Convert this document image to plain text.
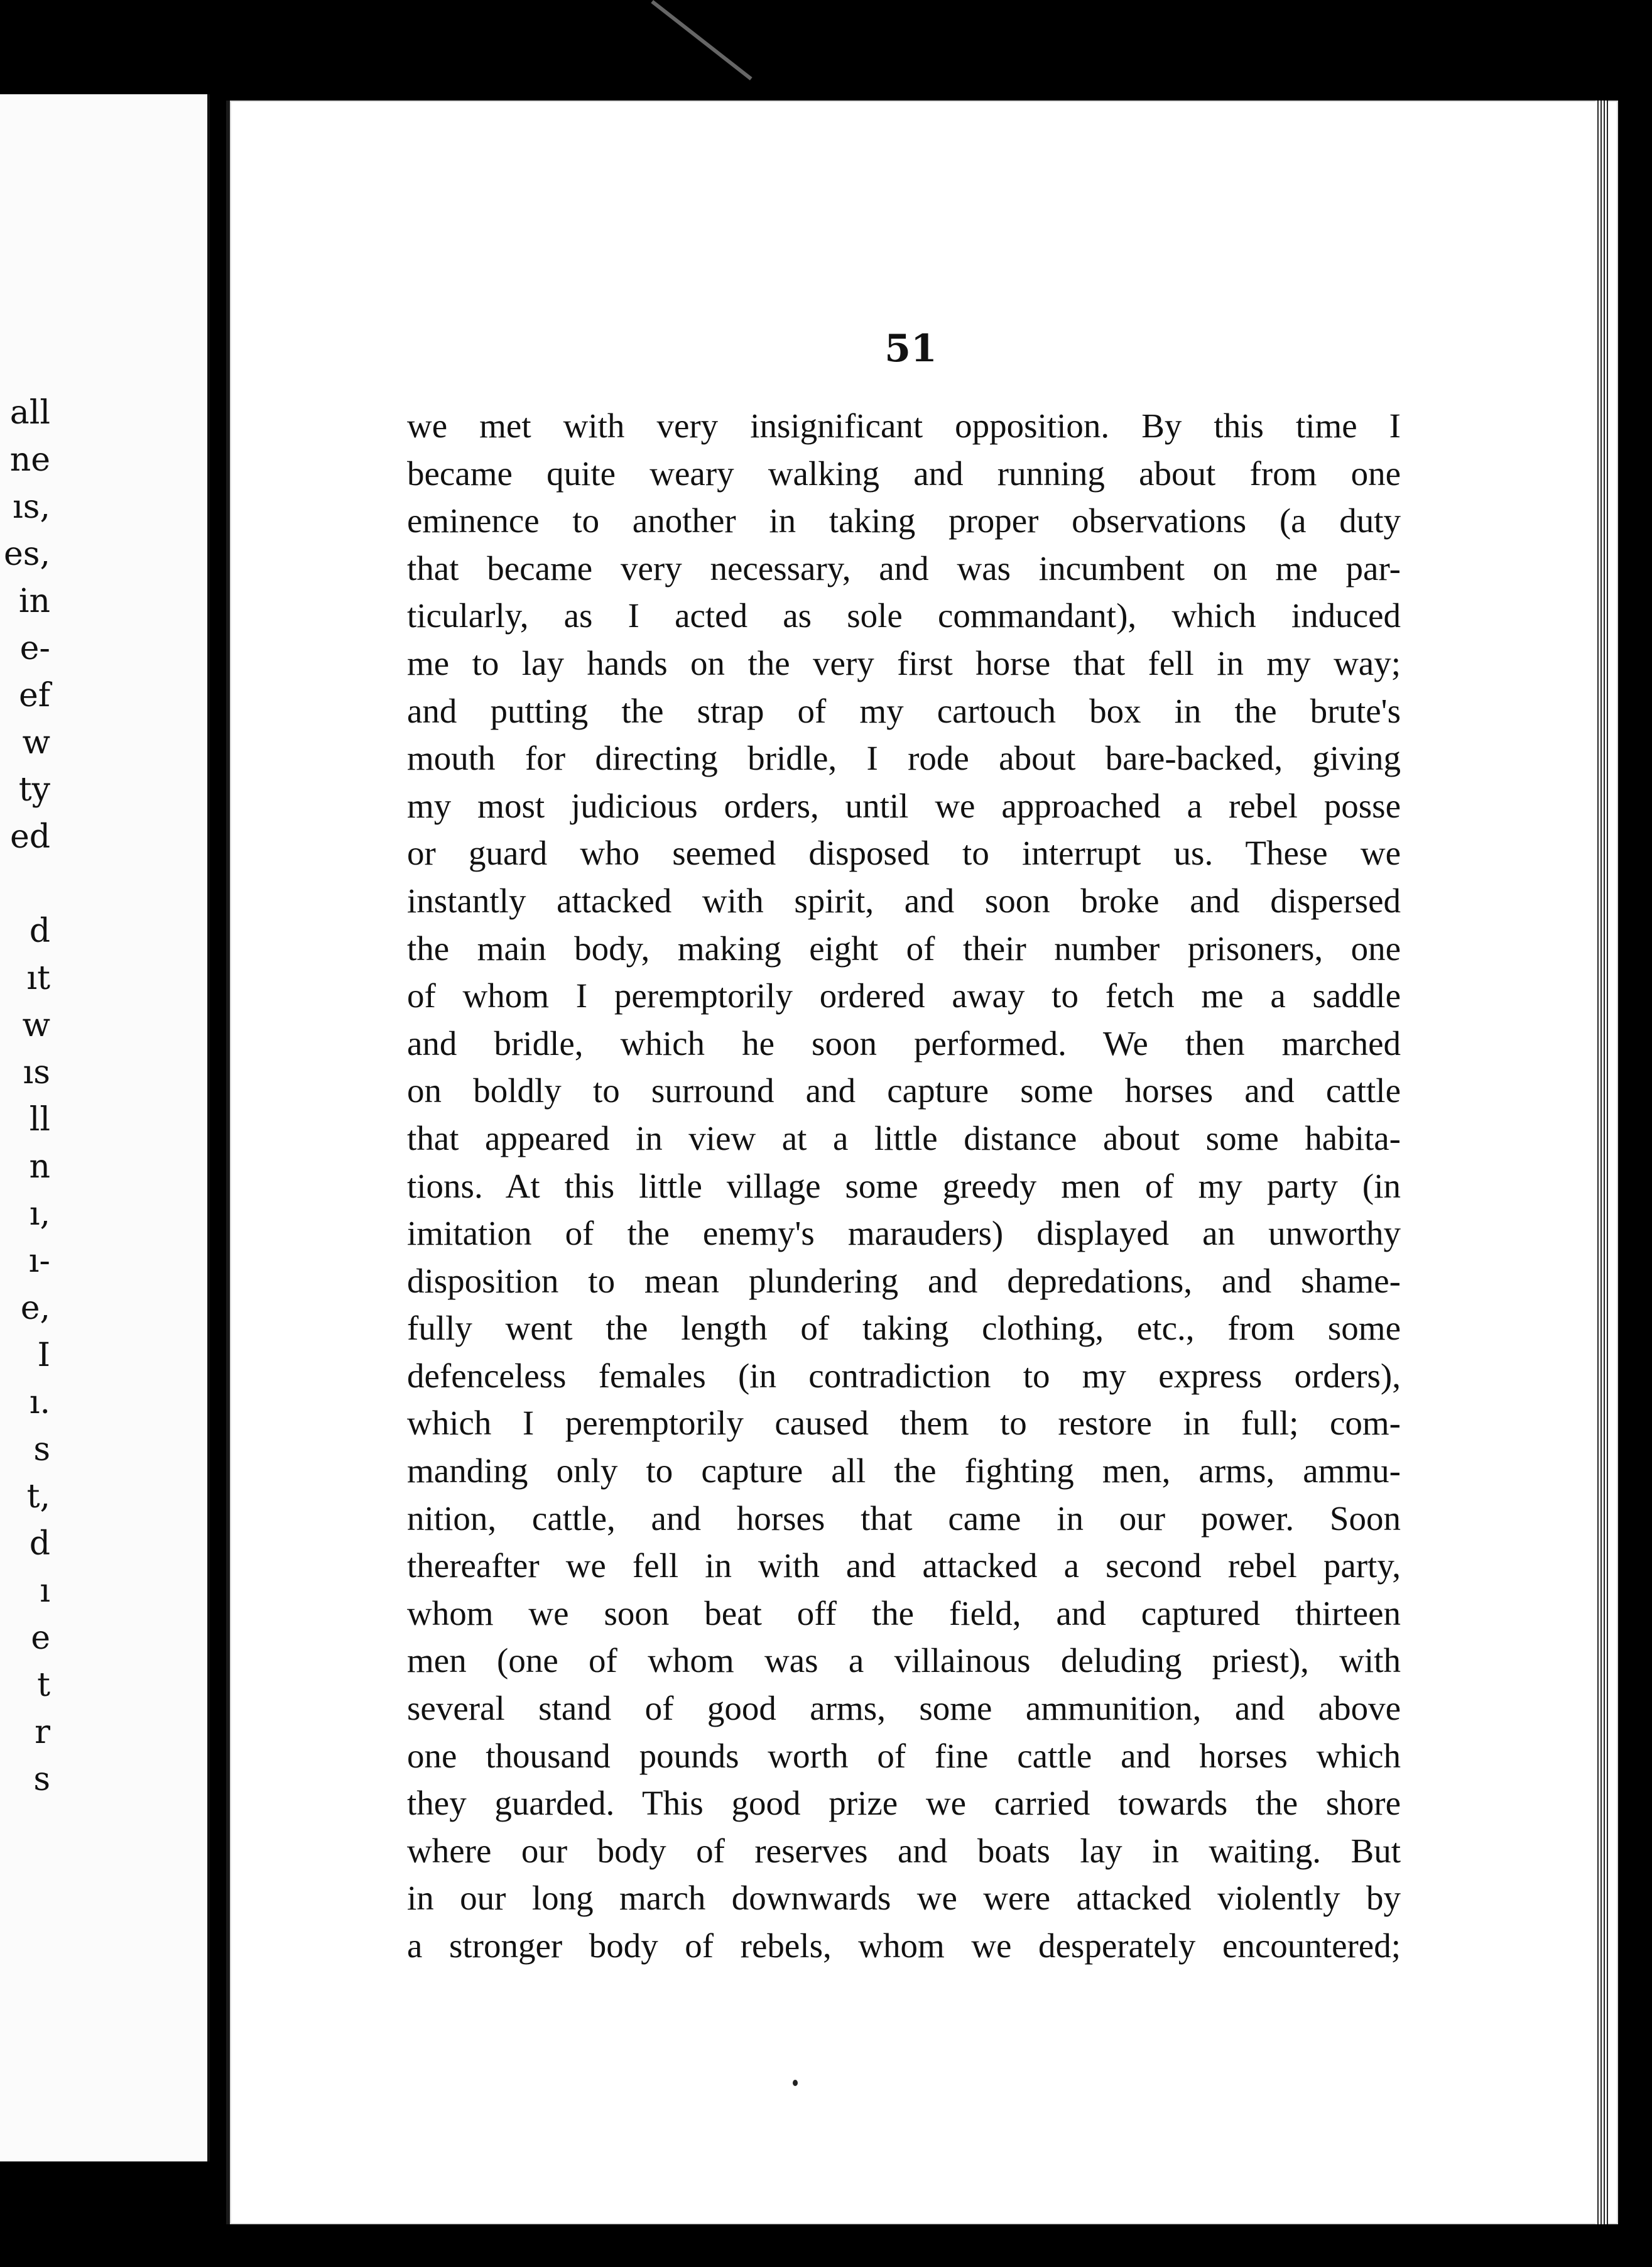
all
ne
ıs,
es,
in
e-
ef
w
ty
ed
d
ıt
w
ıs
ll
n
ı,
ı-
e,
I
ı.
s
t,
d
ı
e
t
r
s
51
we met with very insignificant opposition. By this time I
became quite weary walking and running about from one
eminence to another in taking proper observations (a duty
that became very necessary, and was incumbent on me par-
ticularly, as I acted as sole commandant), which induced
me to lay hands on the very first horse that fell in my way;
and putting the strap of my cartouch box in the brute's
mouth for directing bridle, I rode about bare-backed, giving
my most judicious orders, until we approached a rebel posse
or guard who seemed disposed to interrupt us. These we
instantly attacked with spirit, and soon broke and dispersed
the main body, making eight of their number prisoners, one
of whom I peremptorily ordered away to fetch me a saddle
and bridle, which he soon performed. We then marched
on boldly to surround and capture some horses and cattle
that appeared in view at a little distance about some habita-
tions. At this little village some greedy men of my party (in
imitation of the enemy's marauders) displayed an unworthy
disposition to mean plundering and depredations, and shame-
fully went the length of taking clothing, etc., from some
defenceless females (in contradiction to my express orders),
which I peremptorily caused them to restore in full; com-
manding only to capture all the fighting men, arms, ammu-
nition, cattle, and horses that came in our power. Soon
thereafter we fell in with and attacked a second rebel party,
whom we soon beat off the field, and captured thirteen
men (one of whom was a villainous deluding priest), with
several stand of good arms, some ammunition, and above
one thousand pounds worth of fine cattle and horses which
they guarded. This good prize we carried towards the shore
where our body of reserves and boats lay in waiting. But
in our long march downwards we were attacked violently by
a stronger body of rebels, whom we desperately encountered;
